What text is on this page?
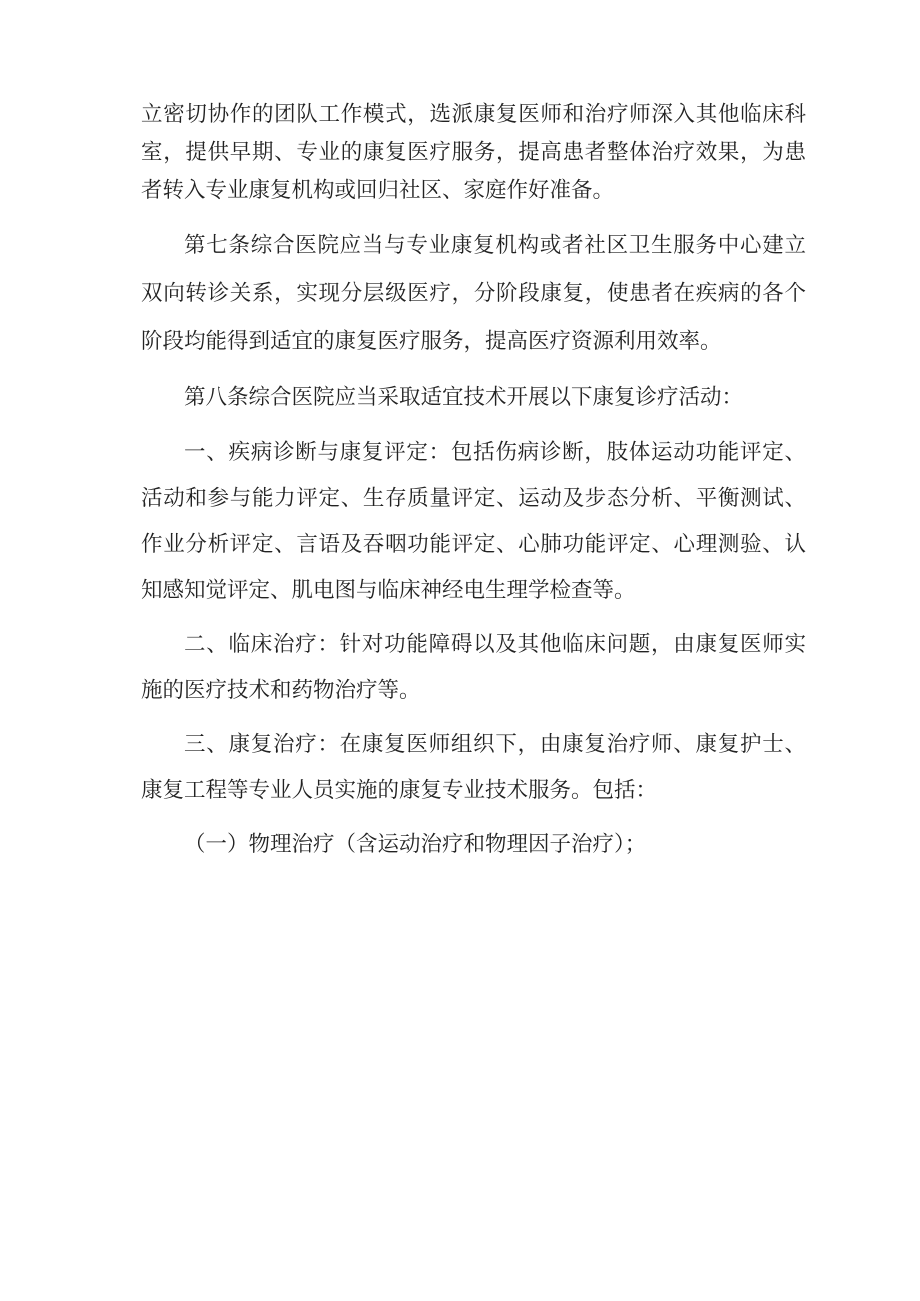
立密切协作的团队工作模式，选派康复医师和治疗师深入其他临床科室，提供早期、专业的康复医疗服务，提高患者整体治疗效果，为患者转入专业康复机构或回归社区、家庭作好准备。

第七条综合医院应当与专业康复机构或者社区卫生服务中心建立双向转诊关系，实现分层级医疗，分阶段康复，使患者在疾病的各个阶段均能得到适宜的康复医疗服务，提高医疗资源利用效率。

第八条综合医院应当采取适宜技术开展以下康复诊疗活动：

一、疾病诊断与康复评定：包括伤病诊断，肢体运动功能评定、活动和参与能力评定、生存质量评定、运动及步态分析、平衡测试、作业分析评定、言语及吞咽功能评定、心肺功能评定、心理测验、认知感知觉评定、肌电图与临床神经电生理学检查等。

二、临床治疗：针对功能障碍以及其他临床问题，由康复医师实施的医疗技术和药物治疗等。

三、康复治疗：在康复医师组织下，由康复治疗师、康复护士、康复工程等专业人员实施的康复专业技术服务。包括：

（一）物理治疗（含运动治疗和物理因子治疗）；
